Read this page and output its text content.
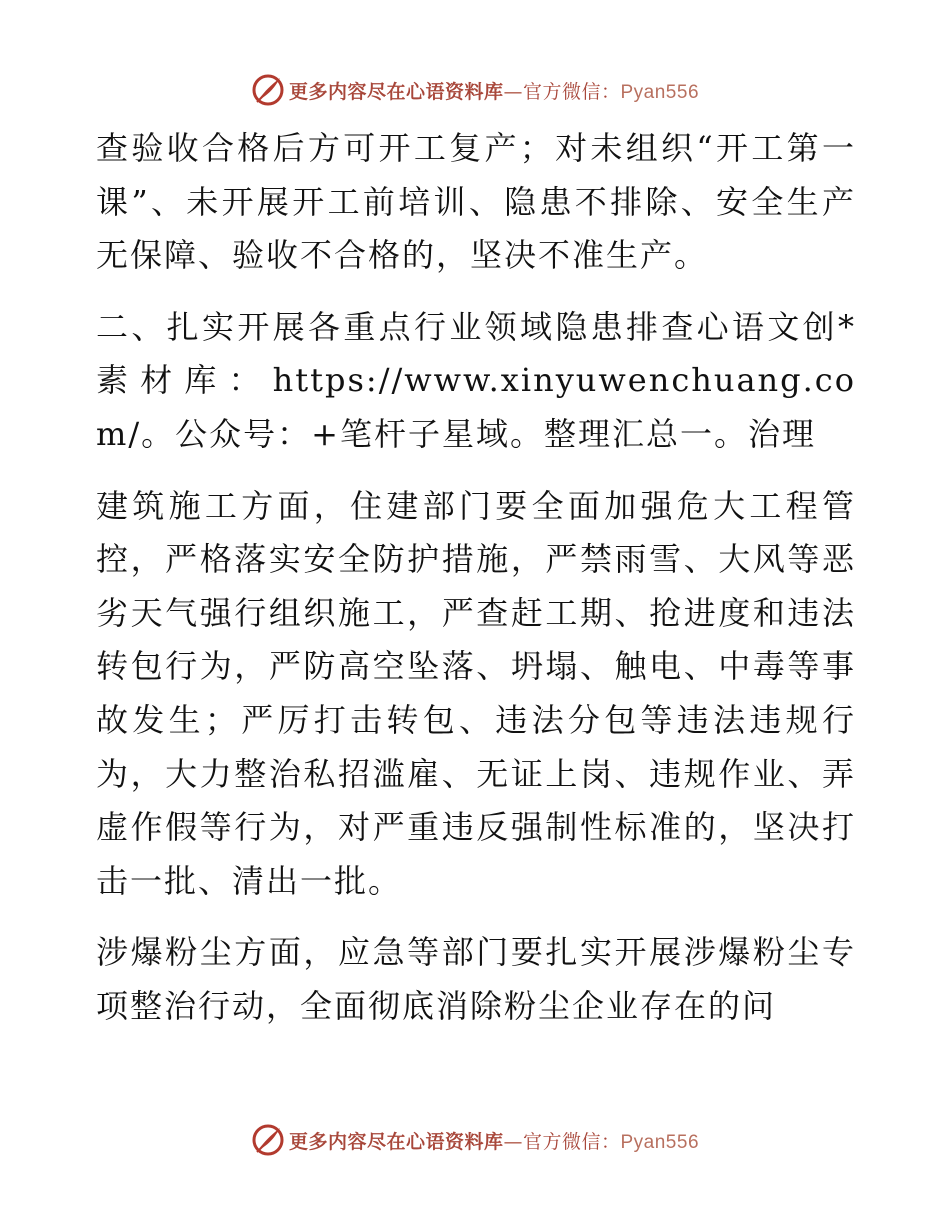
更多内容尽在心语资料库—官方微信：Pyan556

查验收合格后方可开工复产；对未组织“开工第一课”、未开展开工前培训、隐患不排除、安全生产无保障、验收不合格的，坚决不准生产。

二、扎实开展各重点行业领域隐患排查心语文创*素材库：https://www.xinyuwenchuang.com/。公众号：+笔杆子星域。整理汇总一。治理

建筑施工方面，住建部门要全面加强危大工程管控，严格落实安全防护措施，严禁雨雪、大风等恶劣天气强行组织施工，严查赶工期、抢进度和违法转包行为，严防高空坠落、坍塌、触电、中毒等事故发生；严厉打击转包、违法分包等违法违规行为，大力整治私招滥雇、无证上岗、违规作业、弄虚作假等行为，对严重违反强制性标准的，坚决打击一批、清出一批。

涉爆粉尘方面，应急等部门要扎实开展涉爆粉尘专项整治行动，全面彻底消除粉尘企业存在的问

更多内容尽在心语资料库—官方微信：Pyan556
